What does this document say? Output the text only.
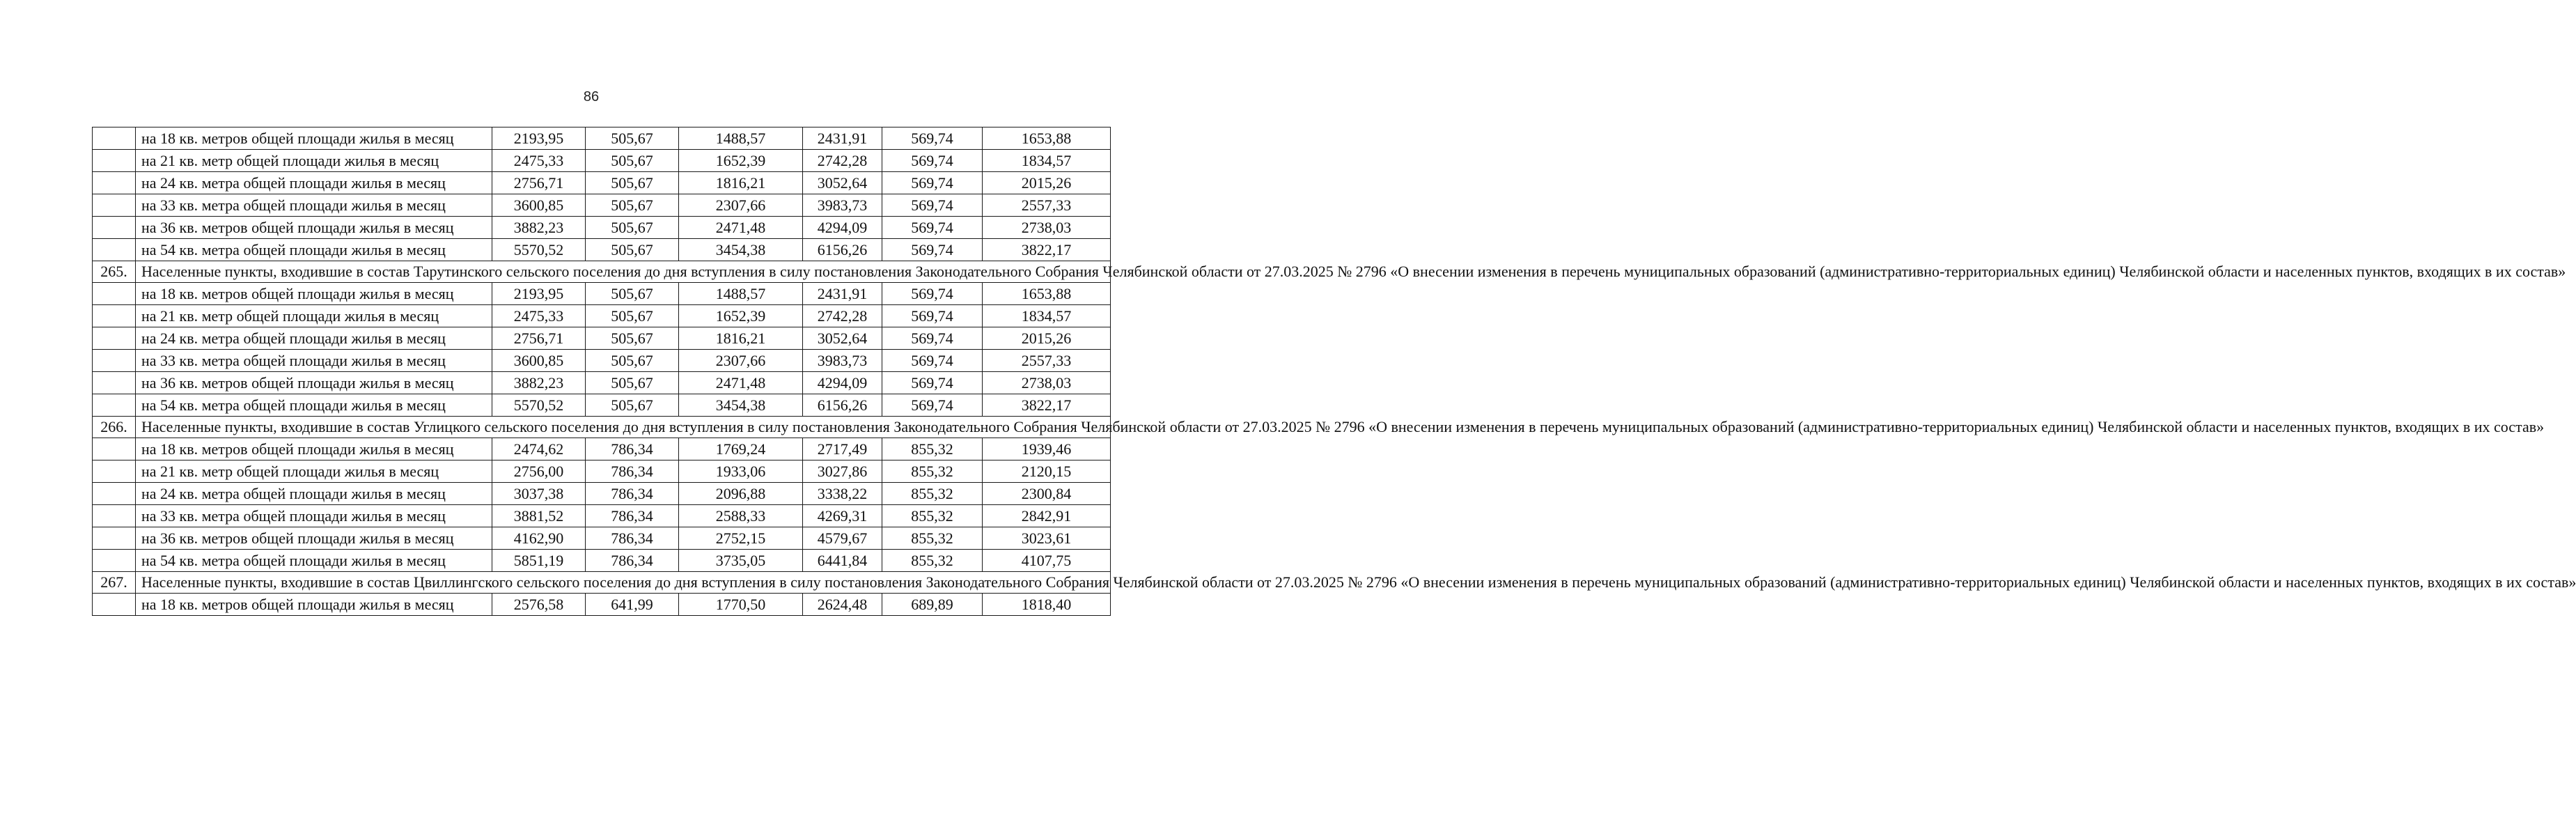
86
	на 18 кв. метров общей площади жилья в месяц	2193,95	505,67	1488,57	2431,91	569,74	1653,88
	на 21 кв. метр общей площади жилья в месяц	2475,33	505,67	1652,39	2742,28	569,74	1834,57
	на 24 кв. метра общей площади жилья в месяц	2756,71	505,67	1816,21	3052,64	569,74	2015,26
	на 33 кв. метра общей площади жилья в месяц	3600,85	505,67	2307,66	3983,73	569,74	2557,33
	на 36 кв. метров общей площади жилья в месяц	3882,23	505,67	2471,48	4294,09	569,74	2738,03
	на 54 кв. метра общей площади жилья в месяц	5570,52	505,67	3454,38	6156,26	569,74	3822,17
265.	Населенные пункты, входившие в состав Тарутинского сельского поселения до дня вступления в силу постановления Законодательного Собрания Челябинской области от 27.03.2025 № 2796 «О внесении изменения в перечень муниципальных образований (административно-территориальных единиц) Челябинской области и населенных пунктов, входящих в их состав»						
	на 18 кв. метров общей площади жилья в месяц	2193,95	505,67	1488,57	2431,91	569,74	1653,88
	на 21 кв. метр общей площади жилья в месяц	2475,33	505,67	1652,39	2742,28	569,74	1834,57
	на 24 кв. метра общей площади жилья в месяц	2756,71	505,67	1816,21	3052,64	569,74	2015,26
	на 33 кв. метра общей площади жилья в месяц	3600,85	505,67	2307,66	3983,73	569,74	2557,33
	на 36 кв. метров общей площади жилья в месяц	3882,23	505,67	2471,48	4294,09	569,74	2738,03
	на 54 кв. метра общей площади жилья в месяц	5570,52	505,67	3454,38	6156,26	569,74	3822,17
266.	Населенные пункты, входившие в состав Углицкого сельского поселения до дня вступления в силу постановления Законодательного Собрания Челябинской области от 27.03.2025 № 2796 «О внесении изменения в перечень муниципальных образований (административно-территориальных единиц) Челябинской области и населенных пунктов, входящих в их состав»						
	на 18 кв. метров общей площади жилья в месяц	2474,62	786,34	1769,24	2717,49	855,32	1939,46
	на 21 кв. метр общей площади жилья в месяц	2756,00	786,34	1933,06	3027,86	855,32	2120,15
	на 24 кв. метра общей площади жилья в месяц	3037,38	786,34	2096,88	3338,22	855,32	2300,84
	на 33 кв. метра общей площади жилья в месяц	3881,52	786,34	2588,33	4269,31	855,32	2842,91
	на 36 кв. метров общей площади жилья в месяц	4162,90	786,34	2752,15	4579,67	855,32	3023,61
	на 54 кв. метра общей площади жилья в месяц	5851,19	786,34	3735,05	6441,84	855,32	4107,75
267.	Населенные пункты, входившие в состав Цвиллингского сельского поселения до дня вступления в силу постановления Законодательного Собрания Челябинской области от 27.03.2025 № 2796 «О внесении изменения в перечень муниципальных образований (административно-территориальных единиц) Челябинской области и населенных пунктов, входящих в их состав»						
	на 18 кв. метров общей площади жилья в месяц	2576,58	641,99	1770,50	2624,48	689,89	1818,40
